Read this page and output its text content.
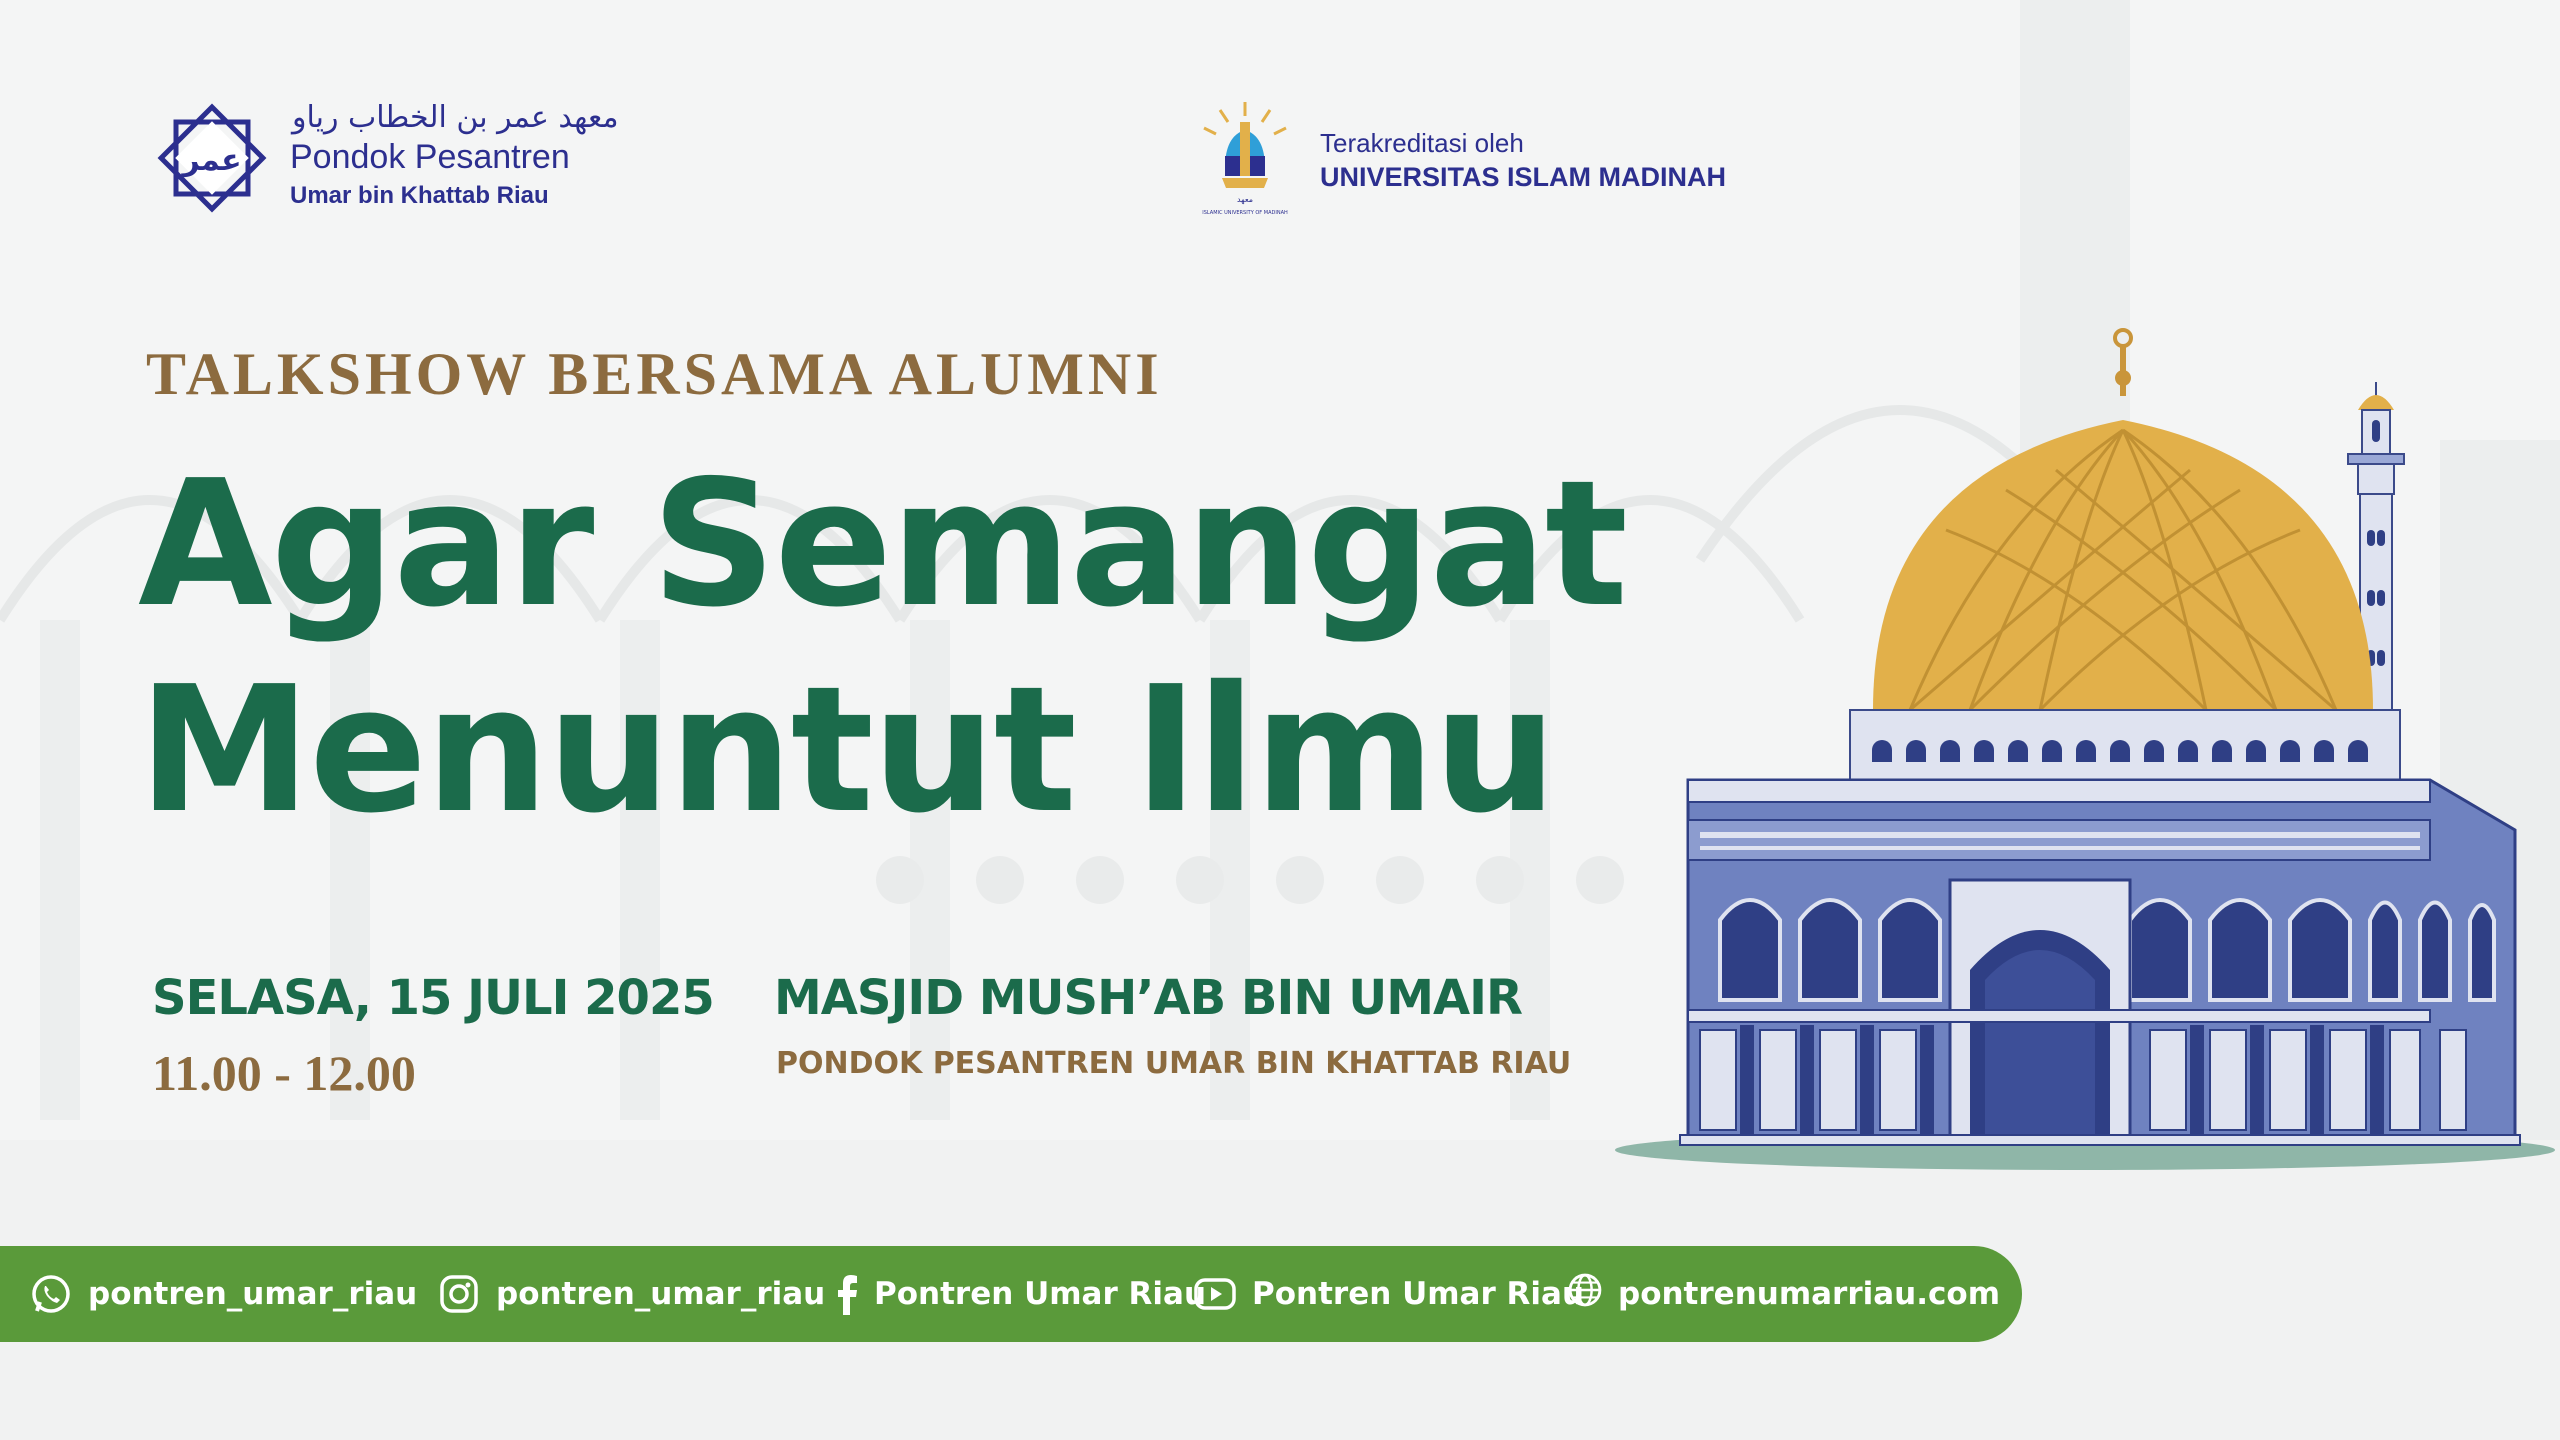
عمر
معهد عمر بن الخطاب رياو
Pondok Pesantren
Umar bin Khattab Riau	معهد
ISLAMIC UNIVERSITY OF MADINAH
Terakreditasi oleh
UNIVERSITAS ISLAM MADINAH
TALKSHOW BERSAMA ALUMNI
Agar Semangat
Menuntut Ilmu
SELASA, 15 JULI 2025
11.00 - 12.00
MASJID MUSH’AB BIN UMAIR
PONDOK PESANTREN UMAR BIN KHATTAB RIAU
pontren_umar_riau	pontren_umar_riau Pontren Umar Riau Pontren Umar Riau pontrenumarriau.com
